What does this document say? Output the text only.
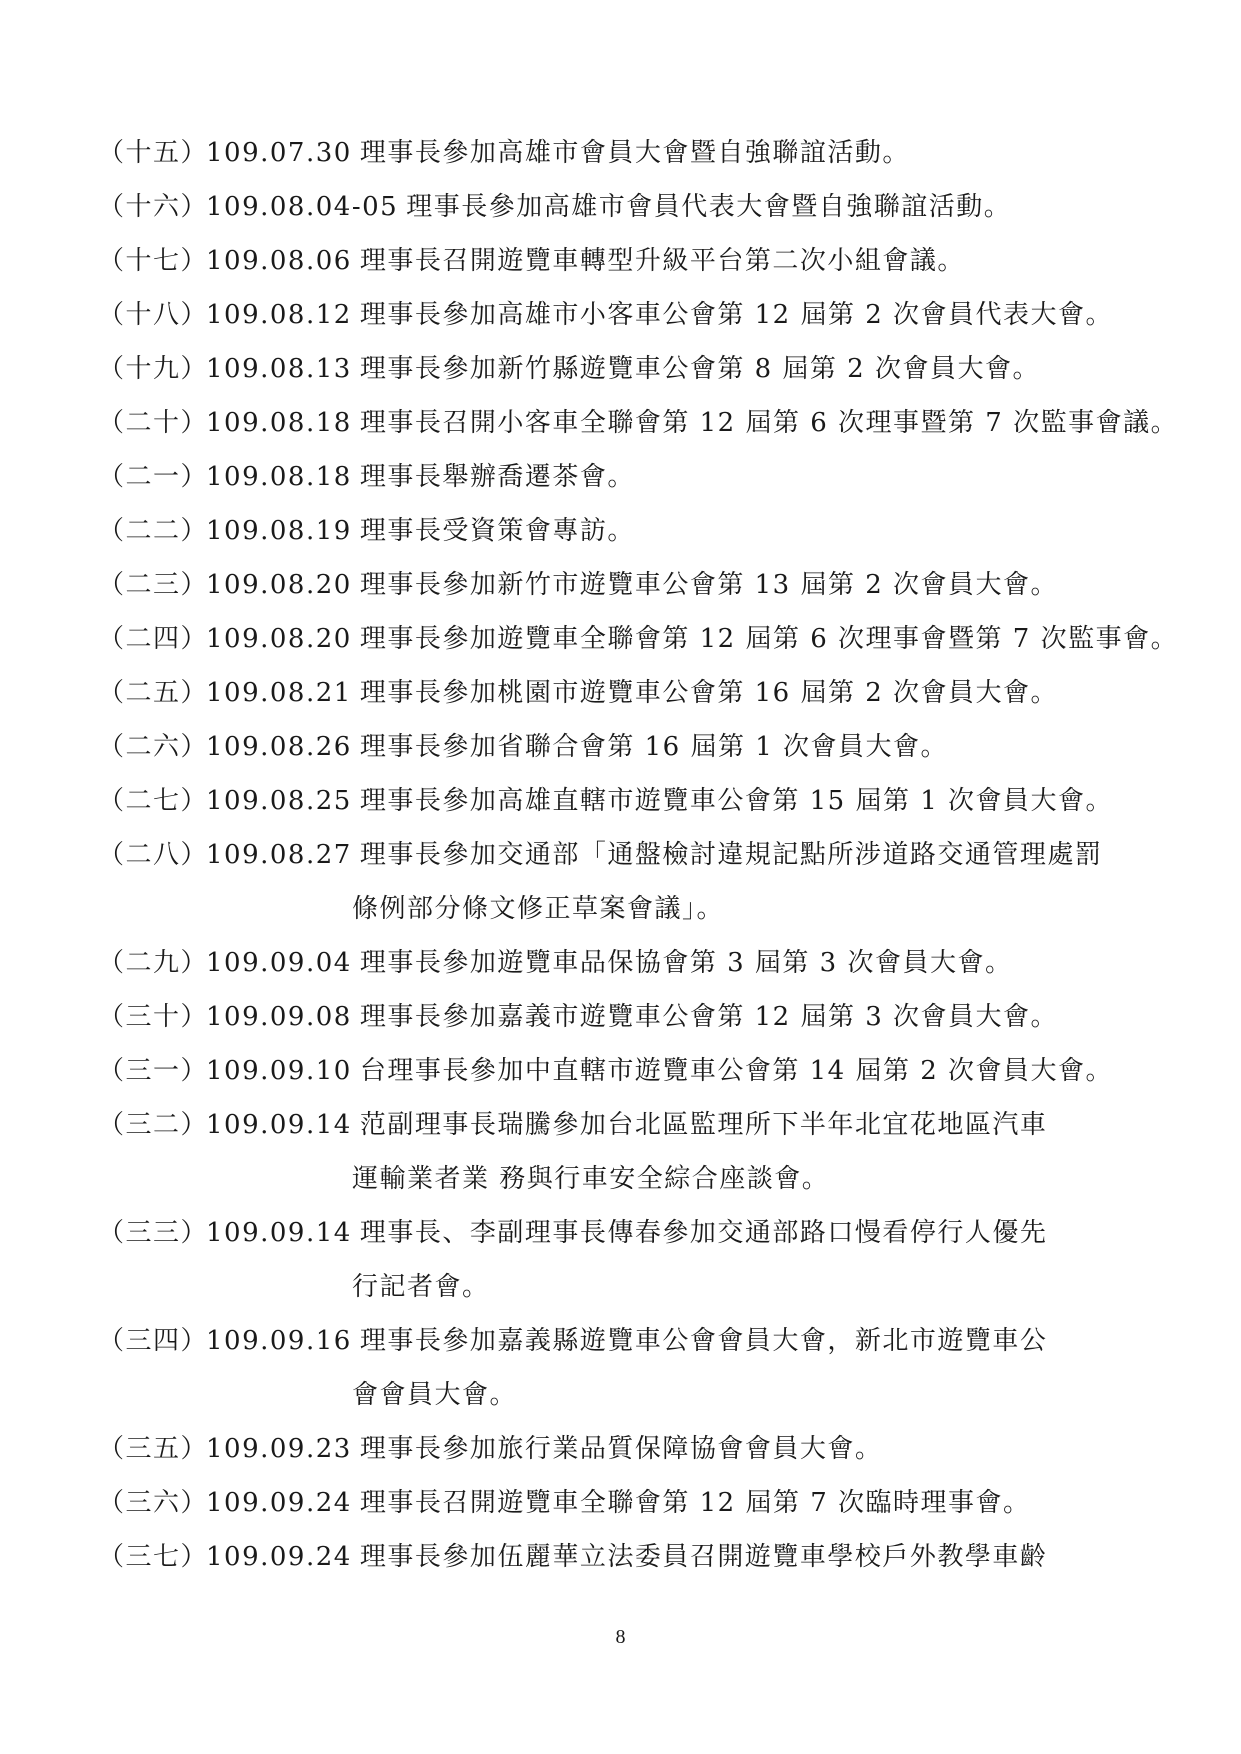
（十五）109.07.30 理事長參加高雄市會員大會暨自強聯誼活動。
（十六）109.08.04-05 理事長參加高雄市會員代表大會暨自強聯誼活動。
（十七）109.08.06 理事長召開遊覽車轉型升級平台第二次小組會議。
（十八）109.08.12 理事長參加高雄市小客車公會第 12 屆第 2 次會員代表大會。
（十九）109.08.13 理事長參加新竹縣遊覽車公會第 8 屆第 2 次會員大會。
（二十）109.08.18 理事長召開小客車全聯會第 12 屆第 6 次理事暨第 7 次監事會議。
（二一）109.08.18 理事長舉辦喬遷茶會。
（二二）109.08.19 理事長受資策會專訪。
（二三）109.08.20 理事長參加新竹市遊覽車公會第 13 屆第 2 次會員大會。
（二四）109.08.20 理事長參加遊覽車全聯會第 12 屆第 6 次理事會暨第 7 次監事會。
（二五）109.08.21 理事長參加桃園市遊覽車公會第 16 屆第 2 次會員大會。
（二六）109.08.26 理事長參加省聯合會第 16 屆第 1 次會員大會。
（二七）109.08.25 理事長參加高雄直轄市遊覽車公會第 15 屆第 1 次會員大會。
（二八）109.08.27 理事長參加交通部「通盤檢討違規記點所涉道路交通管理處罰
條例部分條文修正草案會議」。
（二九）109.09.04 理事長參加遊覽車品保協會第 3 屆第 3 次會員大會。
（三十）109.09.08 理事長參加嘉義市遊覽車公會第 12 屆第 3 次會員大會。
（三一）109.09.10 台理事長參加中直轄市遊覽車公會第 14 屆第 2 次會員大會。
（三二）109.09.14 范副理事長瑞騰參加台北區監理所下半年北宜花地區汽車
運輸業者業 務與行車安全綜合座談會。
（三三）109.09.14 理事長、李副理事長傳春參加交通部路口慢看停行人優先
行記者會。
（三四）109.09.16 理事長參加嘉義縣遊覽車公會會員大會，新北市遊覽車公
會會員大會。
（三五）109.09.23 理事長參加旅行業品質保障協會會員大會。
（三六）109.09.24 理事長召開遊覽車全聯會第 12 屆第 7 次臨時理事會。
（三七）109.09.24 理事長參加伍麗華立法委員召開遊覽車學校戶外教學車齡
8
